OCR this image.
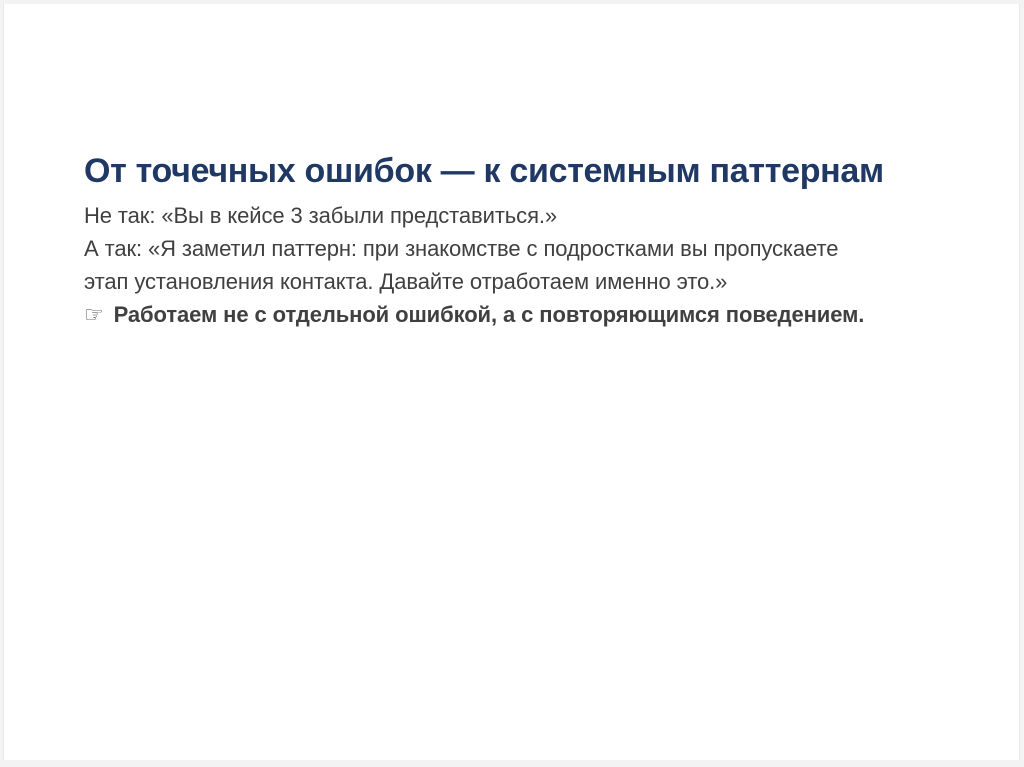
От точечных ошибок — к системным паттернам

Не так: «Вы в кейсе 3 забыли представиться.»

А так: «Я заметил паттерн: при знакомстве с подростками вы пропускаете этап установления контакта. Давайте отработаем именно это.»

☞ Работаем не с отдельной ошибкой, а с повторяющимся поведением.
